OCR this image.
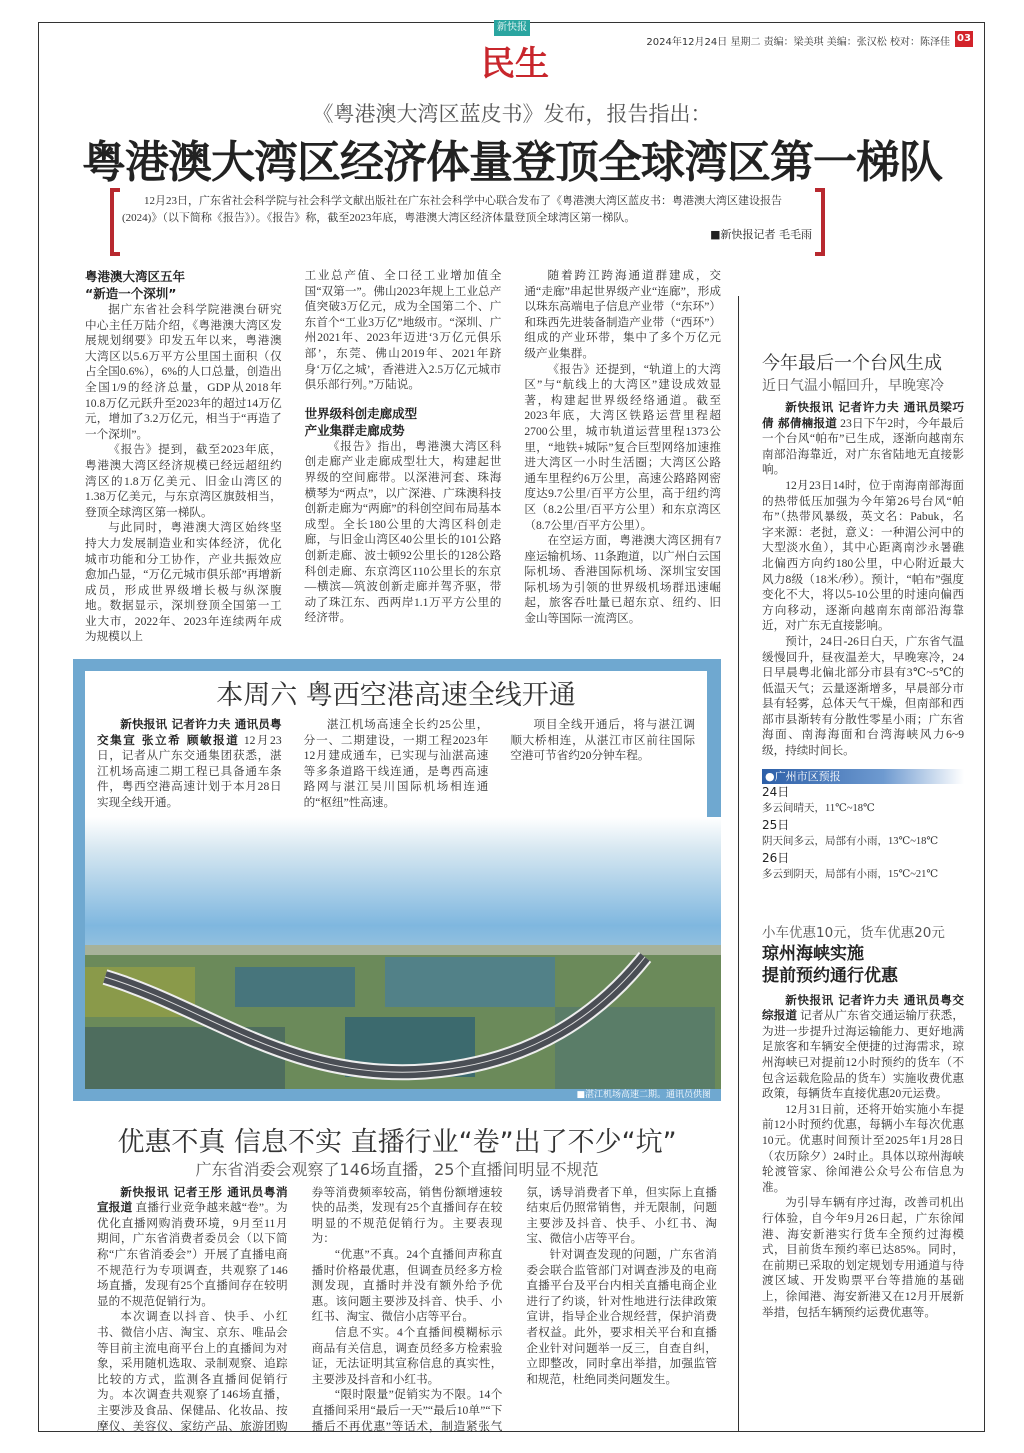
新快报
民生
2024年12月24日 星期二 责编：梁美琪 美编：张汉松 校对：陈泽佳 03
《粤港澳大湾区蓝皮书》发布，报告指出：
粤港澳大湾区经济体量登顶全球湾区第一梯队
12月23日，广东省社会科学院与社会科学文献出版社在广东社会科学中心联合发布了《粤港澳大湾区蓝皮书：粤港澳大湾区建设报告(2024)》（以下简称《报告》）。《报告》称，截至2023年底，粤港澳大湾区经济体量登顶全球湾区第一梯队。
■新快报记者 毛毛雨
粤港澳大湾区五年
“新造一个深圳”

据广东省社会科学院港澳台研究中心主任万陆介绍，《粤港澳大湾区发展规划纲要》印发五年以来，粤港澳大湾区以5.6万平方公里国土面积（仅占全国0.6%），6%的人口总量，创造出全国1/9的经济总量，GDP从2018年10.8万亿元跃升至2023年的超过14万亿元，增加了3.2万亿元，相当于“再造了一个深圳”。

《报告》提到，截至2023年底，粤港澳大湾区经济规模已经远超纽约湾区的1.8万亿美元、旧金山湾区的1.38万亿美元，与东京湾区旗鼓相当，登顶全球湾区第一梯队。

与此同时，粤港澳大湾区始终坚持大力发展制造业和实体经济，优化城市功能和分工协作，产业共振效应愈加凸显，“万亿元城市俱乐部”再增新成员，形成世界级增长极与纵深腹地。数据显示，深圳登顶全国第一工业大市，2022年、2023年连续两年成为规模以上

工业总产值、全口径工业增加值全国“双第一”。佛山2023年规上工业总产值突破3万亿元，成为全国第二个、广东首个“工业3万亿”地级市。“深圳、广州2021年、2023年迈进‘3万亿元俱乐部’，东莞、佛山2019年、2021年跻身‘万亿之城’，香港进入2.5万亿元城市俱乐部行列。”万陆说。

世界级科创走廊成型
产业集群走廊成势

《报告》指出，粤港澳大湾区科创走廊产业走廊成型壮大，构建起世界级的空间廊带。以深港河套、珠海横琴为“两点”，以广深港、广珠澳科技创新走廊为“两廊”的科创空间布局基本成型。全长180公里的大湾区科创走廊，与旧金山湾区40公里长的101公路创新走廊、波士顿92公里长的128公路科创走廊、东京湾区110公里长的东京—横滨—筑波创新走廊并驾齐驱，带动了珠江东、西两岸1.1万平方公里的经济带。

随着跨江跨海通道群建成，交通“走廊”串起世界级产业“连廊”，形成以珠东高端电子信息产业带（“东环”）和珠西先进装备制造产业带（“西环”）组成的产业环带，集中了多个万亿元级产业集群。

《报告》还提到，“轨道上的大湾区”与“航线上的大湾区”建设成效显著，构建起世界级经络通道。截至2023年底，大湾区铁路运营里程超2700公里，城市轨道运营里程1373公里，“地铁+城际”复合巨型网络加速推进大湾区一小时生活圈；大湾区公路通车里程约6万公里，高速公路路网密度达9.7公里/百平方公里，高于纽约湾区（8.2公里/百平方公里）和东京湾区（8.7公里/百平方公里）。

在空运方面，粤港澳大湾区拥有7座运输机场、11条跑道，以广州白云国际机场、香港国际机场、深圳宝安国际机场为引领的世界级机场群迅速崛起，旅客吞吐量已超东京、纽约、旧金山等国际一流湾区。

本周六 粤西空港高速全线开通

新快报讯 记者许力夫 通讯员粤交集宣 张立希 顾敏报道 12月23日，记者从广东交通集团获悉，湛江机场高速二期工程已具备通车条件，粤西空港高速计划于本月28日实现全线开通。

湛江机场高速全长约25公里，分一、二期建设，一期工程2023年12月建成通车，已实现与汕湛高速等多条道路干线连通，是粤西高速路网与湛江吴川国际机场相连通的“枢纽”性高速。

项目全线开通后，将与湛江调顺大桥相连，从湛江市区前往国际空港可节省约20分钟车程。

■湛江机场高速二期。通讯员供图
优惠不真 信息不实 直播行业“卷”出了不少“坑”
广东省消委会观察了146场直播，25个直播间明显不规范

新快报讯 记者王彤 通讯员粤消宣报道 直播行业竞争越来越“卷”。为优化直播网购消费环境，9月至11月期间，广东省消费者委员会（以下简称“广东省消委会”）开展了直播电商不规范行为专项调查，共观察了146场直播，发现有25个直播间存在较明显的不规范促销行为。

本次调查以抖音、快手、小红书、微信小店、淘宝、京东、唯品会等目前主流电商平台上的直播间为对象，采用随机选取、录制观察、追踪比较的方式，监测各直播间促销行为。本次调查共观察了146场直播，主要涉及食品、保健品、化妆品、按摩仪、美容仪、家纺产品、旅游团购券等消费频率较高，销售份额增速较快的品类，发现有25个直播间存在较明显的不规范促销行为。主要表现为：

“优惠”不真。24个直播间声称直播时价格最优惠，但调查员经多方检测发现，直播时并没有额外给予优惠。该问题主要涉及抖音、快手、小红书、淘宝、微信小店等平台。

信息不实。4个直播间模糊标示商品有关信息，调查员经多方检索验证，无法证明其宣称信息的真实性，主要涉及抖音和小红书。

“限时限量”促销实为不限。14个直播间采用“最后一天”“最后10单”“下播后不再优惠”等话术，制造紧张气氛，诱导消费者下单，但实际上直播结束后仍照常销售，并无限制，问题主要涉及抖音、快手、小红书、淘宝、微信小店等平台。

针对调查发现的问题，广东省消委会联合监管部门对调查涉及的电商直播平台及平台内相关直播电商企业进行了约谈，针对性地进行法律政策宣讲，指导企业合规经营，保护消费者权益。此外，要求相关平台和直播企业针对问题举一反三，自查自纠，立即整改，同时拿出举措，加强监管和规范，杜绝同类问题发生。

今年最后一个台风生成
近日气温小幅回升，早晚寒冷

新快报讯 记者许力夫 通讯员梁巧倩 郝倩楠报道 23日下午2时，今年最后一个台风“帕布”已生成，逐渐向越南东南部沿海靠近，对广东省陆地无直接影响。

12月23日14时，位于南海南部海面的热带低压加强为今年第26号台风“帕布”（热带风暴级，英文名：Pabuk，名字来源：老挝，意义：一种湄公河中的大型淡水鱼），其中心距离南沙永暑礁北偏西方向约180公里，中心附近最大风力8级（18米/秒）。预计，“帕布”强度变化不大，将以5-10公里的时速向偏西方向移动，逐渐向越南东南部沿海靠近，对广东无直接影响。

预计，24日-26日白天，广东省气温缓慢回升，昼夜温差大，早晚寒冷，24日早晨粤北偏北部分市县有3℃~5℃的低温天气；云量逐渐增多，早晨部分市县有轻雾，总体天气干燥，但南部和西部市县渐转有分散性零星小雨；广东省海面、南海海面和台湾海峡风力6~9级，持续时间长。

●广州市区预报
24日
多云间晴天，11℃~18℃
25日
阴天间多云，局部有小雨，13℃~18℃
26日
多云到阴天，局部有小雨，15℃~21℃
小车优惠10元，货车优惠20元
琼州海峡实施
提前预约通行优惠

新快报讯 记者许力夫 通讯员粤交综报道 记者从广东省交通运输厅获悉，为进一步提升过海运输能力、更好地满足旅客和车辆安全便捷的过海需求，琼州海峡已对提前12小时预约的货车（不包含运载危险品的货车）实施收费优惠政策，每辆货车直接优惠20元运费。

12月31日前，还将开始实施小车提前12小时预约优惠，每辆小车每次优惠10元。优惠时间预计至2025年1月28日（农历除夕）24时止。具体以琼州海峡轮渡管家、徐闻港公众号公布信息为准。

为引导车辆有序过海，改善司机出行体验，自今年9月26日起，广东徐闻港、海安新港实行货车全预约过海模式，目前货车预约率已达85%。同时，在前期已采取的划定规划专用通道与待渡区域、开发购票平台等措施的基础上，徐闻港、海安新港又在12月开展新举措，包括车辆预约运费优惠等。
